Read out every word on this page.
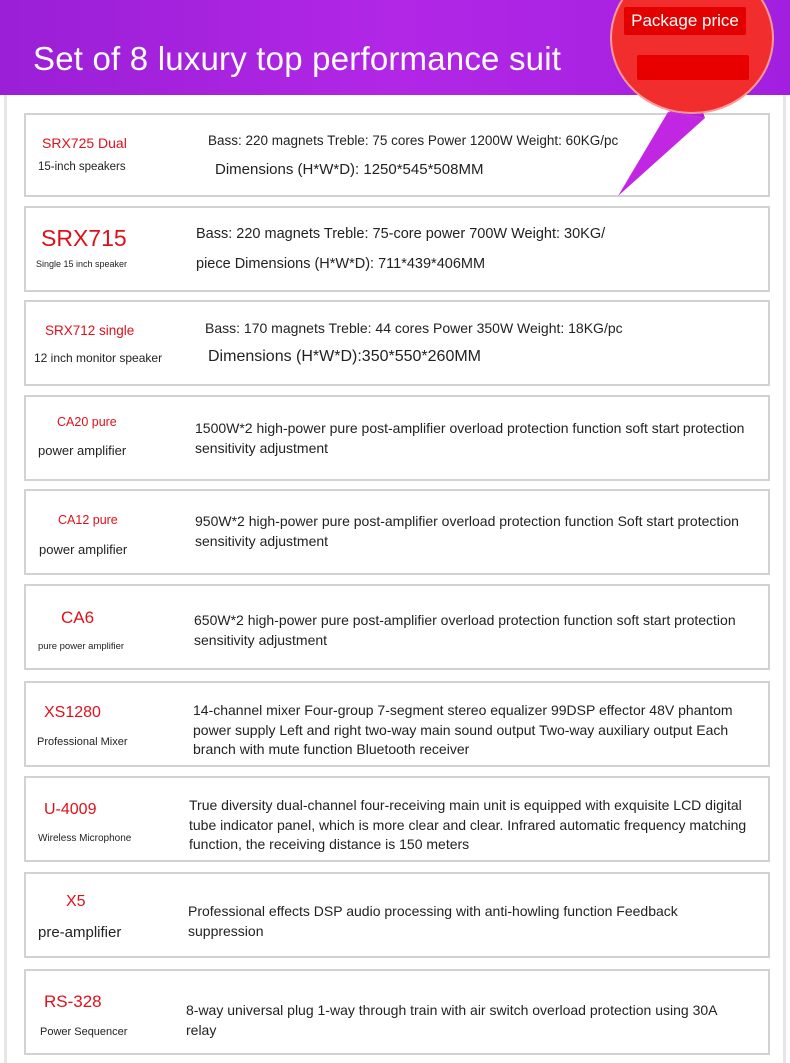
Set of 8 luxury top performance suit
SRX725 Dual
15-inch speakers
Bass: 220 magnets Treble: 75 cores Power 1200W Weight: 60KG/pc
Dimensions (H*W*D): 1250*545*508MM
SRX715
Single 15 inch speaker
Bass: 220 magnets Treble: 75-core power 700W Weight: 30KG/
piece Dimensions (H*W*D): 711*439*406MM
SRX712 single
12 inch monitor speaker
Bass: 170 magnets Treble: 44 cores Power 350W Weight: 18KG/pc
Dimensions (H*W*D):350*550*260MM
CA20 pure
power amplifier
1500W*2 high-power pure post-amplifier overload protection function soft start protection sensitivity adjustment
CA12 pure
power amplifier
950W*2 high-power pure post-amplifier overload protection function Soft start protection sensitivity adjustment
CA6
pure power amplifier
650W*2 high-power pure post-amplifier overload protection function soft start protection sensitivity adjustment
XS1280
Professional Mixer
14-channel mixer Four-group 7-segment stereo equalizer 99DSP effector 48V phantom power supply Left and right two-way main sound output Two-way auxiliary output Each branch with mute function Bluetooth receiver
U-4009
Wireless Microphone
True diversity dual-channel four-receiving main unit is equipped with exquisite LCD digital tube indicator panel, which is more clear and clear. Infrared automatic frequency matching function, the receiving distance is 150 meters
X5
pre-amplifier
Professional effects DSP audio processing with anti-howling function Feedback suppression
RS-328
Power Sequencer
8-way universal plug 1-way through train with air switch overload protection using 30A relay
Package price
